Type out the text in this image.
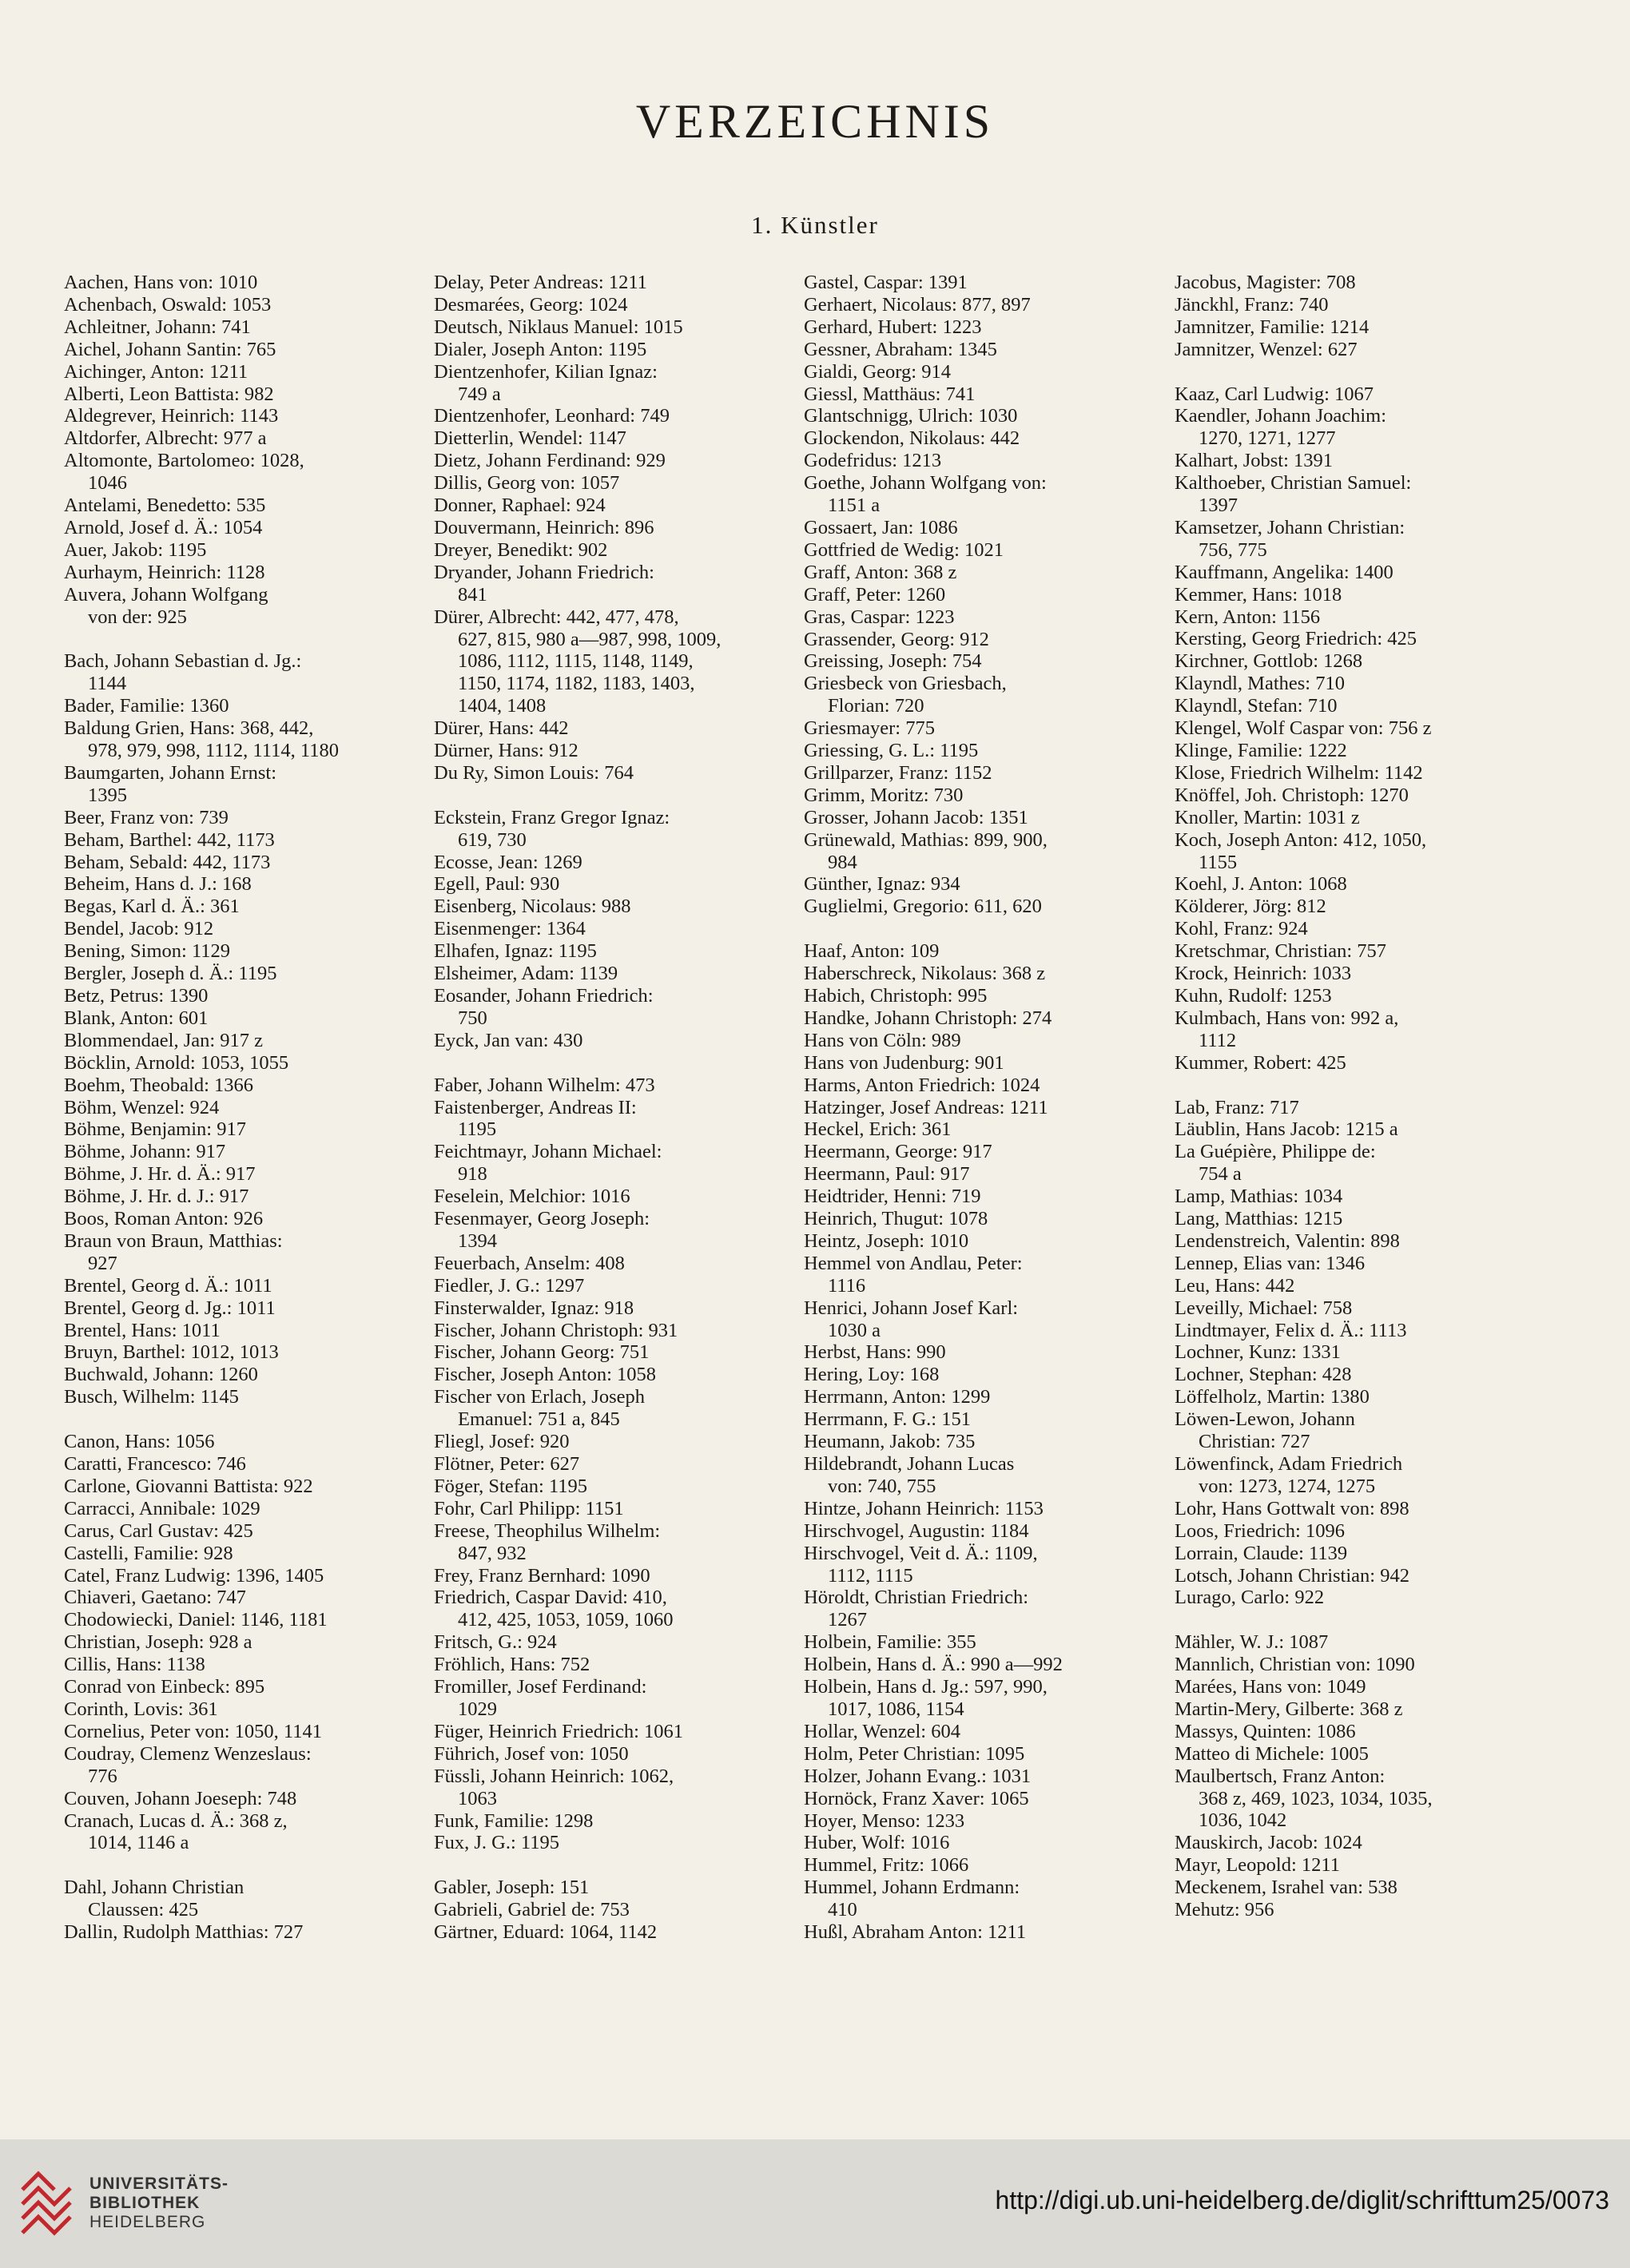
VERZEICHNIS
1. Künstler
Aachen, Hans von: 1010
Achenbach, Oswald: 1053
Achleitner, Johann: 741
Aichel, Johann Santin: 765
Aichinger, Anton: 1211
Alberti, Leon Battista: 982
Aldegrever, Heinrich: 1143
Altdorfer, Albrecht: 977 a
Altomonte, Bartolomeo: 1028,
1046
Antelami, Benedetto: 535
Arnold, Josef d. Ä.: 1054
Auer, Jakob: 1195
Aurhaym, Heinrich: 1128
Auvera, Johann Wolfgang
von der: 925
Bach, Johann Sebastian d. Jg.:
1144
Bader, Familie: 1360
Baldung Grien, Hans: 368, 442,
978, 979, 998, 1112, 1114, 1180
Baumgarten, Johann Ernst:
1395
Beer, Franz von: 739
Beham, Barthel: 442, 1173
Beham, Sebald: 442, 1173
Beheim, Hans d. J.: 168
Begas, Karl d. Ä.: 361
Bendel, Jacob: 912
Bening, Simon: 1129
Bergler, Joseph d. Ä.: 1195
Betz, Petrus: 1390
Blank, Anton: 601
Blommendael, Jan: 917 z
Böcklin, Arnold: 1053, 1055
Boehm, Theobald: 1366
Böhm, Wenzel: 924
Böhme, Benjamin: 917
Böhme, Johann: 917
Böhme, J. Hr. d. Ä.: 917
Böhme, J. Hr. d. J.: 917
Boos, Roman Anton: 926
Braun von Braun, Matthias:
927
Brentel, Georg d. Ä.: 1011
Brentel, Georg d. Jg.: 1011
Brentel, Hans: 1011
Bruyn, Barthel: 1012, 1013
Buchwald, Johann: 1260
Busch, Wilhelm: 1145
Canon, Hans: 1056
Caratti, Francesco: 746
Carlone, Giovanni Battista: 922
Carracci, Annibale: 1029
Carus, Carl Gustav: 425
Castelli, Familie: 928
Catel, Franz Ludwig: 1396, 1405
Chiaveri, Gaetano: 747
Chodowiecki, Daniel: 1146, 1181
Christian, Joseph: 928 a
Cillis, Hans: 1138
Conrad von Einbeck: 895
Corinth, Lovis: 361
Cornelius, Peter von: 1050, 1141
Coudray, Clemenz Wenzeslaus:
776
Couven, Johann Joeseph: 748
Cranach, Lucas d. Ä.: 368 z,
1014, 1146 a
Dahl, Johann Christian
Claussen: 425
Dallin, Rudolph Matthias: 727
Delay, Peter Andreas: 1211
Desmarées, Georg: 1024
Deutsch, Niklaus Manuel: 1015
Dialer, Joseph Anton: 1195
Dientzenhofer, Kilian Ignaz:
749 a
Dientzenhofer, Leonhard: 749
Dietterlin, Wendel: 1147
Dietz, Johann Ferdinand: 929
Dillis, Georg von: 1057
Donner, Raphael: 924
Douvermann, Heinrich: 896
Dreyer, Benedikt: 902
Dryander, Johann Friedrich:
841
Dürer, Albrecht: 442, 477, 478,
627, 815, 980 a—987, 998, 1009,
1086, 1112, 1115, 1148, 1149,
1150, 1174, 1182, 1183, 1403,
1404, 1408
Dürer, Hans: 442
Dürner, Hans: 912
Du Ry, Simon Louis: 764
Eckstein, Franz Gregor Ignaz:
619, 730
Ecosse, Jean: 1269
Egell, Paul: 930
Eisenberg, Nicolaus: 988
Eisenmenger: 1364
Elhafen, Ignaz: 1195
Elsheimer, Adam: 1139
Eosander, Johann Friedrich:
750
Eyck, Jan van: 430
Faber, Johann Wilhelm: 473
Faistenberger, Andreas II:
1195
Feichtmayr, Johann Michael:
918
Feselein, Melchior: 1016
Fesenmayer, Georg Joseph:
1394
Feuerbach, Anselm: 408
Fiedler, J. G.: 1297
Finsterwalder, Ignaz: 918
Fischer, Johann Christoph: 931
Fischer, Johann Georg: 751
Fischer, Joseph Anton: 1058
Fischer von Erlach, Joseph
Emanuel: 751 a, 845
Fliegl, Josef: 920
Flötner, Peter: 627
Föger, Stefan: 1195
Fohr, Carl Philipp: 1151
Freese, Theophilus Wilhelm:
847, 932
Frey, Franz Bernhard: 1090
Friedrich, Caspar David: 410,
412, 425, 1053, 1059, 1060
Fritsch, G.: 924
Fröhlich, Hans: 752
Fromiller, Josef Ferdinand:
1029
Füger, Heinrich Friedrich: 1061
Führich, Josef von: 1050
Füssli, Johann Heinrich: 1062,
1063
Funk, Familie: 1298
Fux, J. G.: 1195
Gabler, Joseph: 151
Gabrieli, Gabriel de: 753
Gärtner, Eduard: 1064, 1142
Gastel, Caspar: 1391
Gerhaert, Nicolaus: 877, 897
Gerhard, Hubert: 1223
Gessner, Abraham: 1345
Gialdi, Georg: 914
Giessl, Matthäus: 741
Glantschnigg, Ulrich: 1030
Glockendon, Nikolaus: 442
Godefridus: 1213
Goethe, Johann Wolfgang von:
1151 a
Gossaert, Jan: 1086
Gottfried de Wedig: 1021
Graff, Anton: 368 z
Graff, Peter: 1260
Gras, Caspar: 1223
Grassender, Georg: 912
Greissing, Joseph: 754
Griesbeck von Griesbach,
Florian: 720
Griesmayer: 775
Griessing, G. L.: 1195
Grillparzer, Franz: 1152
Grimm, Moritz: 730
Grosser, Johann Jacob: 1351
Grünewald, Mathias: 899, 900,
984
Günther, Ignaz: 934
Guglielmi, Gregorio: 611, 620
Haaf, Anton: 109
Haberschreck, Nikolaus: 368 z
Habich, Christoph: 995
Handke, Johann Christoph: 274
Hans von Cöln: 989
Hans von Judenburg: 901
Harms, Anton Friedrich: 1024
Hatzinger, Josef Andreas: 1211
Heckel, Erich: 361
Heermann, George: 917
Heermann, Paul: 917
Heidtrider, Henni: 719
Heinrich, Thugut: 1078
Heintz, Joseph: 1010
Hemmel von Andlau, Peter:
1116
Henrici, Johann Josef Karl:
1030 a
Herbst, Hans: 990
Hering, Loy: 168
Herrmann, Anton: 1299
Herrmann, F. G.: 151
Heumann, Jakob: 735
Hildebrandt, Johann Lucas
von: 740, 755
Hintze, Johann Heinrich: 1153
Hirschvogel, Augustin: 1184
Hirschvogel, Veit d. Ä.: 1109,
1112, 1115
Höroldt, Christian Friedrich:
1267
Holbein, Familie: 355
Holbein, Hans d. Ä.: 990 a—992
Holbein, Hans d. Jg.: 597, 990,
1017, 1086, 1154
Hollar, Wenzel: 604
Holm, Peter Christian: 1095
Holzer, Johann Evang.: 1031
Hornöck, Franz Xaver: 1065
Hoyer, Menso: 1233
Huber, Wolf: 1016
Hummel, Fritz: 1066
Hummel, Johann Erdmann:
410
Hußl, Abraham Anton: 1211
Jacobus, Magister: 708
Jänckhl, Franz: 740
Jamnitzer, Familie: 1214
Jamnitzer, Wenzel: 627
Kaaz, Carl Ludwig: 1067
Kaendler, Johann Joachim:
1270, 1271, 1277
Kalhart, Jobst: 1391
Kalthoeber, Christian Samuel:
1397
Kamsetzer, Johann Christian:
756, 775
Kauffmann, Angelika: 1400
Kemmer, Hans: 1018
Kern, Anton: 1156
Kersting, Georg Friedrich: 425
Kirchner, Gottlob: 1268
Klayndl, Mathes: 710
Klayndl, Stefan: 710
Klengel, Wolf Caspar von: 756 z
Klinge, Familie: 1222
Klose, Friedrich Wilhelm: 1142
Knöffel, Joh. Christoph: 1270
Knoller, Martin: 1031 z
Koch, Joseph Anton: 412, 1050,
1155
Koehl, J. Anton: 1068
Kölderer, Jörg: 812
Kohl, Franz: 924
Kretschmar, Christian: 757
Krock, Heinrich: 1033
Kuhn, Rudolf: 1253
Kulmbach, Hans von: 992 a,
1112
Kummer, Robert: 425
Lab, Franz: 717
Läublin, Hans Jacob: 1215 a
La Guépière, Philippe de:
754 a
Lamp, Mathias: 1034
Lang, Matthias: 1215
Lendenstreich, Valentin: 898
Lennep, Elias van: 1346
Leu, Hans: 442
Leveilly, Michael: 758
Lindtmayer, Felix d. Ä.: 1113
Lochner, Kunz: 1331
Lochner, Stephan: 428
Löffelholz, Martin: 1380
Löwen-Lewon, Johann
Christian: 727
Löwenfinck, Adam Friedrich
von: 1273, 1274, 1275
Lohr, Hans Gottwalt von: 898
Loos, Friedrich: 1096
Lorrain, Claude: 1139
Lotsch, Johann Christian: 942
Lurago, Carlo: 922
Mähler, W. J.: 1087
Mannlich, Christian von: 1090
Marées, Hans von: 1049
Martin-Mery, Gilberte: 368 z
Massys, Quinten: 1086
Matteo di Michele: 1005
Maulbertsch, Franz Anton:
368 z, 469, 1023, 1034, 1035,
1036, 1042
Mauskirch, Jacob: 1024
Mayr, Leopold: 1211
Meckenem, Israhel van: 538
Mehutz: 956
UNIVERSITÄTS-
BIBLIOTHEK
HEIDELBERG
http://digi.ub.uni-heidelberg.de/diglit/schrifttum25/0073
